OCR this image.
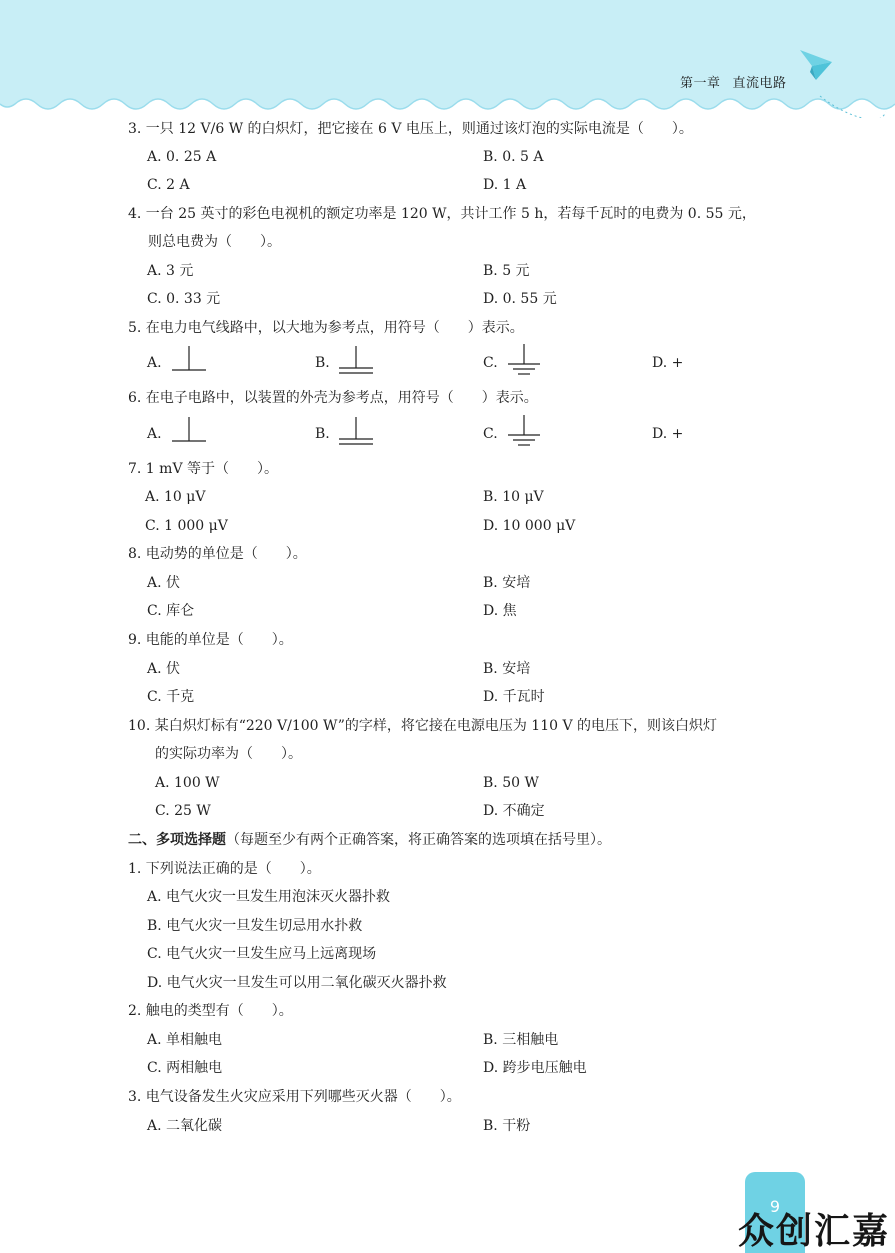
第一章 直流电路
3. 一只 12 V/6 W 的白炽灯，把它接在 6 V 电压上，则通过该灯泡的实际电流是（　　）。
A. 0. 25 A	B. 0. 5 A
C. 2 A	D. 1 A
4. 一台 25 英寸的彩色电视机的额定功率是 120 W，共计工作 5 h，若每千瓦时的电费为 0. 55 元，
则总电费为（　　）。
A. 3 元	B. 5 元
C. 0. 33 元	D. 0. 55 元
5. 在电力电气线路中，以大地为参考点，用符号（　　）表示。
A.	B.	C.	D. +
6. 在电子电路中，以装置的外壳为参考点，用符号（　　）表示。
A.	B.	C.	D. +
7. 1 mV 等于（　　）。
A. 10 μV	B. 10 μV
C. 1 000 μV	D. 10 000 μV
8. 电动势的单位是（　　）。
A. 伏	B. 安培
C. 库仑	D. 焦
9. 电能的单位是（　　）。
A. 伏	B. 安培
C. 千克	D. 千瓦时
10. 某白炽灯标有“220 V/100 W”的字样，将它接在电源电压为 110 V 的电压下，则该白炽灯
的实际功率为（　　）。
A. 100 W	B. 50 W
C. 25 W	D. 不确定
二、多项选择题（每题至少有两个正确答案，将正确答案的选项填在括号里）。
1. 下列说法正确的是（　　）。
A. 电气火灾一旦发生用泡沫灭火器扑救
B. 电气火灾一旦发生切忌用水扑救
C. 电气火灾一旦发生应马上远离现场
D. 电气火灾一旦发生可以用二氧化碳灭火器扑救
2. 触电的类型有（　　）。
A. 单相触电	B. 三相触电
C. 两相触电	D. 跨步电压触电
3. 电气设备发生火灾应采用下列哪些灭火器（　　）。
A. 二氧化碳	B. 干粉
9
众创汇嘉
